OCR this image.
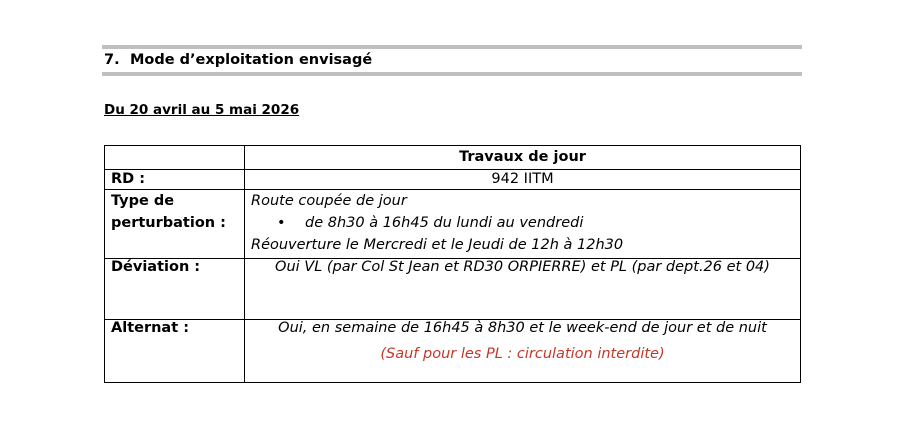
7. Mode d’exploitation envisagé
Du 20 avril au 5 mai 2026
	Travaux de jour
RD :	942 IITM
Type de perturbation :	Route coupée de jour
• de 8h30 à 16h45 du lundi au vendredi
Réouverture le Mercredi et le Jeudi de 12h à 12h30

Déviation :	Oui VL (par Col St Jean et RD30 ORPIERRE) et PL (par dept.26 et 04)
Alternat :	Oui, en semaine de 16h45 à 8h30 et le week-end de jour et de nuit
(Sauf pour les PL : circulation interdite)
